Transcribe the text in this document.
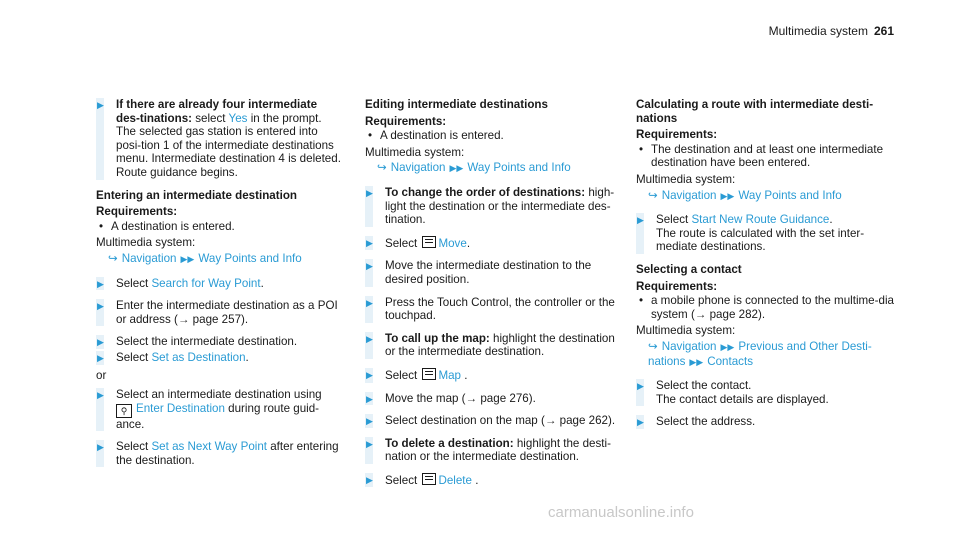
Multimedia system 261
▶ If there are already four intermediate des-tinations: select Yes in the prompt.
The selected gas station is entered into posi-tion 1 of the intermediate destinations menu. Intermediate destination 4 is deleted. Route guidance begins.
Entering an intermediate destination
Requirements:
• A destination is entered.
Multimedia system:
↪ Navigation ▶▶ Way Points and Info
▶ Select Search for Way Point.
▶ Enter the intermediate destination as a POI or address (→ page 257).
▶ Select the intermediate destination.
▶ Select Set as Destination.
or
▶ Select an intermediate destination using
⚲ Enter Destination during route guid-ance.
▶ Select Set as Next Way Point after entering the destination.
Editing intermediate destinations
Requirements:
• A destination is entered.
Multimedia system:
↪ Navigation ▶▶ Way Points and Info
▶ To change the order of destinations: high-light the destination or the intermediate des-tination.
▶ Select Move.
▶ Move the intermediate destination to the desired position.
▶ Press the Touch Control, the controller or the touchpad.
▶ To call up the map: highlight the destination or the intermediate destination.
▶ Select Map .
▶ Move the map (→ page 276).
▶ Select destination on the map (→ page 262).
▶ To delete a destination: highlight the desti-nation or the intermediate destination.
▶ Select Delete .
Calculating a route with intermediate desti-nations
Requirements:
• The destination and at least one intermediate destination have been entered.
Multimedia system:
↪ Navigation ▶▶ Way Points and Info
▶ Select Start New Route Guidance.
The route is calculated with the set inter-mediate destinations.
Selecting a contact
Requirements:
• a mobile phone is connected to the multime-dia system (→ page 282).
Multimedia system:
↪ Navigation ▶▶ Previous and Other Desti-nations ▶▶ Contacts
▶ Select the contact.
The contact details are displayed.
▶ Select the address.
carmanualsonline.info
